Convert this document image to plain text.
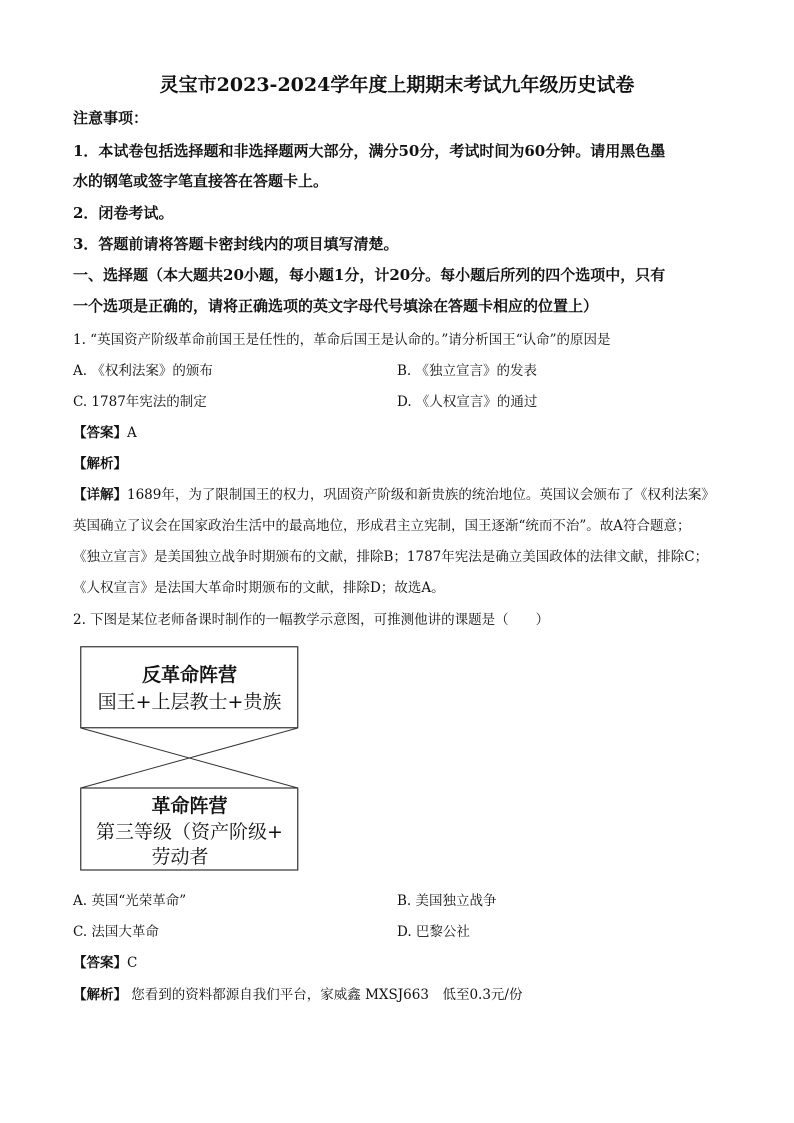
灵宝市2023-2024学年度上期期末考试九年级历史试卷
注意事项：
1．本试卷包括选择题和非选择题两大部分，满分50分，考试时间为60分钟。请用黑色墨
水的钢笔或签字笔直接答在答题卡上。
2．闭卷考试。
3．答题前请将答题卡密封线内的项目填写清楚。
一、选择题（本大题共20小题，每小题1分，计20分。每小题后所列的四个选项中，只有
一个选项是正确的，请将正确选项的英文字母代号填涂在答题卡相应的位置上）
1. “英国资产阶级革命前国王是任性的，革命后国王是认命的。”请分析国王“认命”的原因是
A. 《权利法案》的颁布	B. 《独立宣言》的发表
C. 1787年宪法的制定	D. 《人权宣言》的通过
【答案】A
【解析】
【详解】1689年，为了限制国王的权力，巩固资产阶级和新贵族的统治地位。英国议会颁布了《权利法案》
英国确立了议会在国家政治生活中的最高地位，形成君主立宪制，国王逐渐“统而不治”。故A符合题意；
《独立宣言》是美国独立战争时期颁布的文献，排除B；1787年宪法是确立美国政体的法律文献，排除C；
《人权宣言》是法国大革命时期颁布的文献，排除D；故选A。
2. 下图是某位老师备课时制作的一幅教学示意图，可推测他讲的课题是（　　）
反革命阵营
国王+上层教士+贵族
革命阵营
第三等级（资产阶级+
劳动者
A. 英国“光荣革命”	B. 美国独立战争
C. 法国大革命	D. 巴黎公社
【答案】C
【解析】 您看到的资料都源自我们平台，家威鑫 MXSJ663　低至0.3元/份
